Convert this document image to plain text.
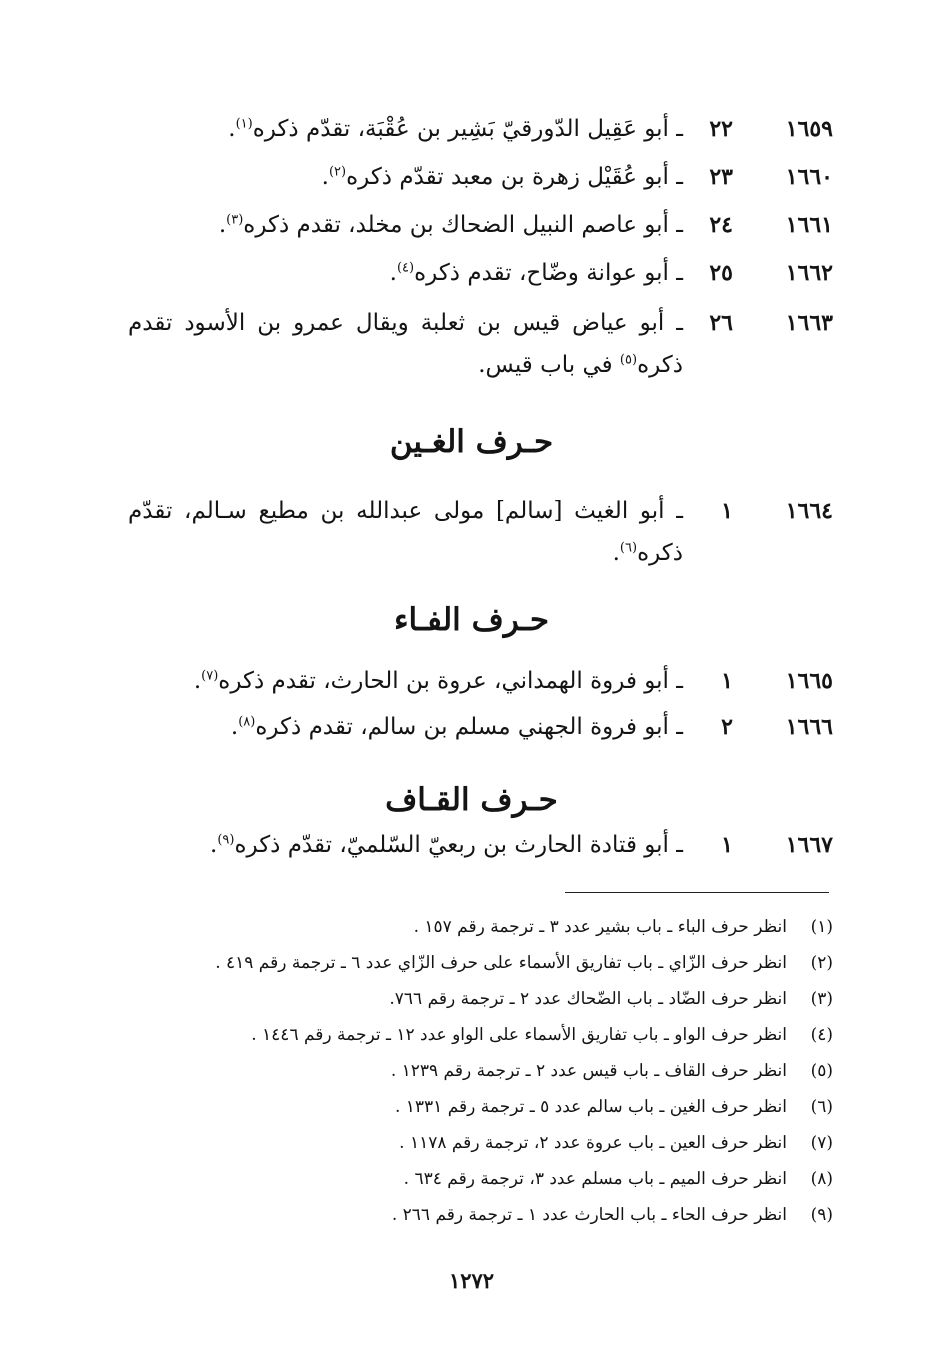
١٦٥٩
٢٢
ـ أبو عَقِيل الدّورقيّ بَشِير بن عُقْبَة، تقدّم ذكره$^{(١)}$.
١٦٦٠
٢٣
ـ أبو عُقَيْل زهرة بن معبد تقدّم ذكره$^{(٢)}$.
١٦٦١
٢٤
ـ أبو عاصم النبيل الضحاك بن مخلد، تقدم ذكره$^{(٣)}$.
١٦٦٢
٢٥
ـ أبو عوانة وضّاح، تقدم ذكره$^{(٤)}$.
١٦٦٣
٢٦
ـ أبو عياض قيس بن ثعلبة ويقال عمرو بن الأسود تقدم ذكره$^{(٥)}$ في باب قيس.
حـرف الغـين
١٦٦٤
١
ـ أبو الغيث [سالم] مولى عبدالله بن مطيع سـالم، تقدّم ذكره$^{(٦)}$.
حـرف الفـاء
١٦٦٥
١
ـ أبو فروة الهمداني، عروة بن الحارث، تقدم ذكره$^{(٧)}$.
١٦٦٦
٢
ـ أبو فروة الجهني مسلم بن سالم، تقدم ذكره$^{(٨)}$.
حـرف القـاف
١٦٦٧
١
ـ أبو قتادة الحارث بن ربعيّ السّلميّ، تقدّم ذكره$^{(٩)}$.
(١)
انظر حرف الباء ـ باب بشير عدد ٣ ـ ترجمة رقم ١٥٧ .
(٢)
انظر حرف الزّاي ـ باب تفاريق الأسماء على حرف الزّاي عدد ٦ ـ ترجمة رقم ٤١٩ .
(٣)
انظر حرف الضّاد ـ باب الضّحاك عدد ٢ ـ ترجمة رقم ٧٦٦.
(٤)
انظر حرف الواو ـ باب تفاريق الأسماء على الواو عدد ١٢ ـ ترجمة رقم ١٤٤٦ .
(٥)
انظر حرف القاف ـ باب قيس عدد ٢ ـ ترجمة رقم ١٢٣٩ .
(٦)
انظر حرف الغين ـ باب سالم عدد ٥ ـ ترجمة رقم ١٣٣١ .
(٧)
انظر حرف العين ـ باب عروة عدد ٢، ترجمة رقم ١١٧٨ .
(٨)
انظر حرف الميم ـ باب مسلم عدد ٣، ترجمة رقم ٦٣٤ .
(٩)
انظر حرف الحاء ـ باب الحارث عدد ١ ـ ترجمة رقم ٢٦٦ .
١٢٧٢
